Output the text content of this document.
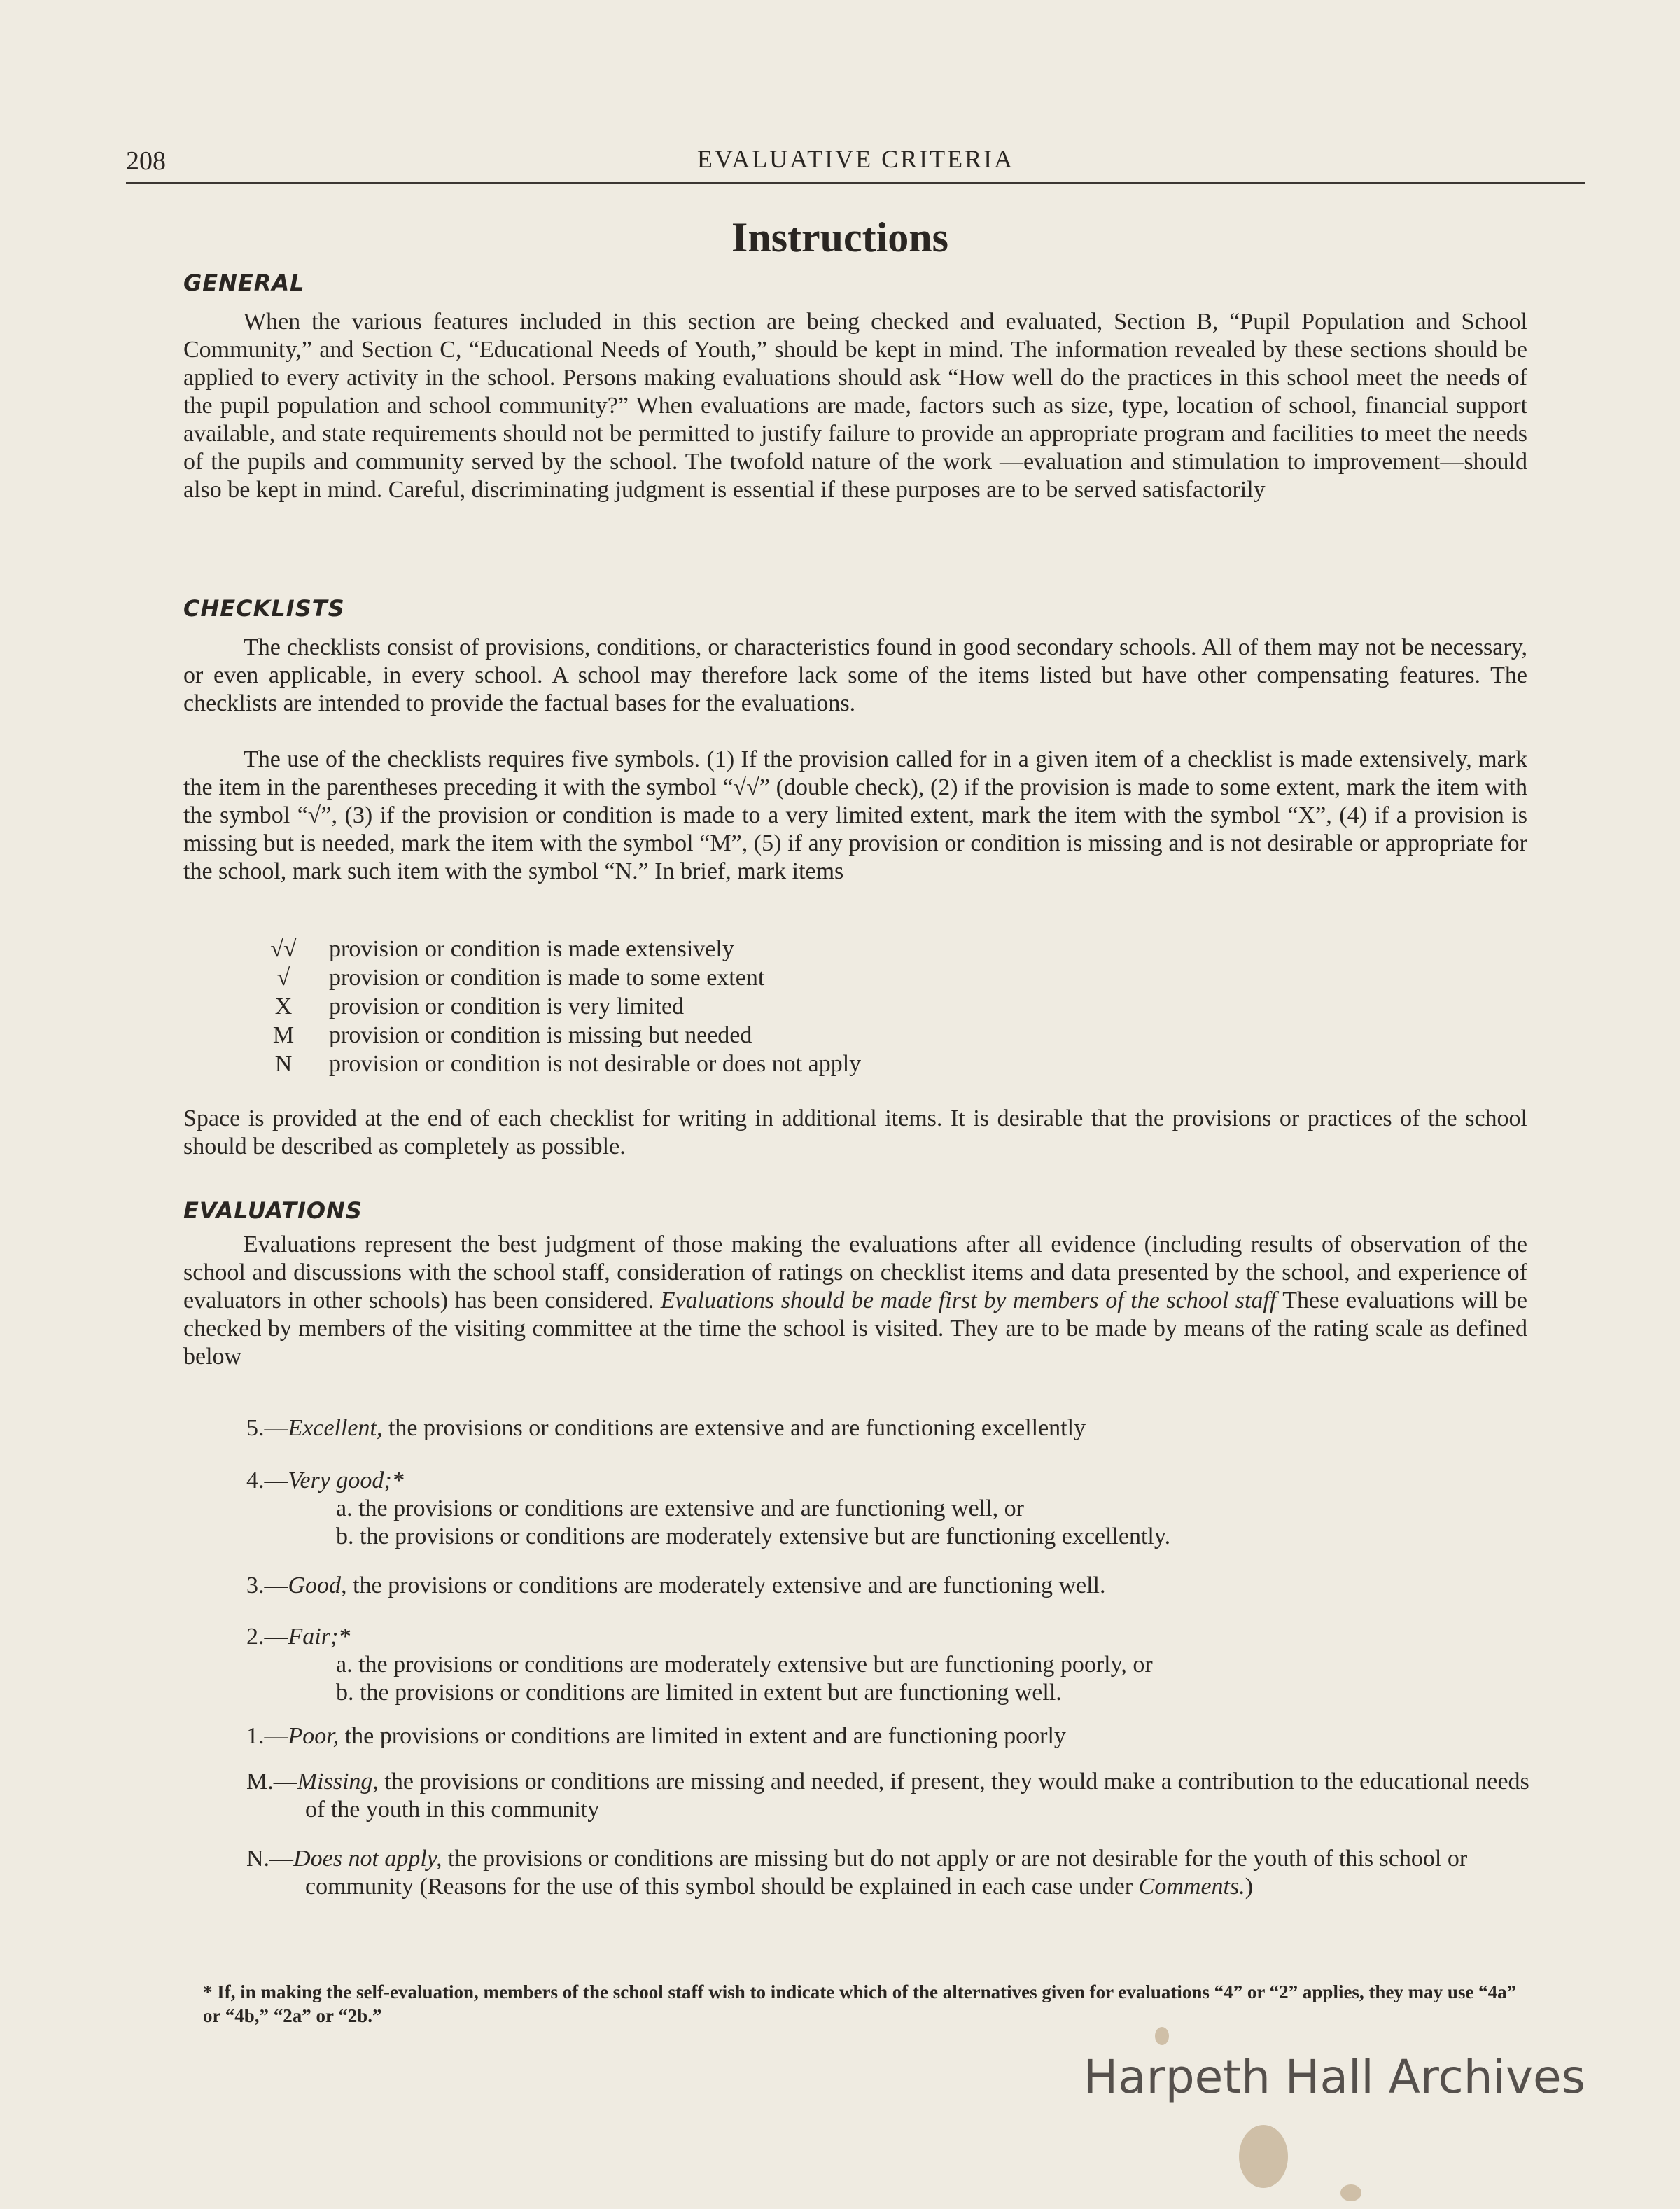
208	EVALUATIVE CRITERIA
Instructions
GENERAL
When the various features included in this section are being checked and evaluated, Section B, “Pupil Population and School Community,” and Section C, “Educational Needs of Youth,” should be kept in mind. The information revealed by these sections should be applied to every activity in the school. Persons making evaluations should ask “How well do the practices in this school meet the needs of the pupil population and school community?” When evaluations are made, factors such as size, type, location of school, financial support available, and state requirements should not be permitted to justify failure to provide an appropriate program and facilities to meet the needs of the pupils and community served by the school. The twofold nature of the work —evaluation and stimulation to improvement—should also be kept in mind. Careful, discriminating judgment is essential if these purposes are to be served satisfactorily
CHECKLISTS
The checklists consist of provisions, conditions, or characteristics found in good secondary schools. All of them may not be necessary, or even applicable, in every school. A school may therefore lack some of the items listed but have other compensating features. The checklists are intended to provide the factual bases for the evaluations.
The use of the checklists requires five symbols. (1) If the provision called for in a given item of a checklist is made extensively, mark the item in the parentheses preceding it with the symbol “√√” (double check), (2) if the provision is made to some extent, mark the item with the symbol “√”, (3) if the provision or condition is made to a very limited extent, mark the item with the symbol “X”, (4) if a provision is missing but is needed, mark the item with the symbol “M”, (5) if any provision or condition is missing and is not desirable or appropriate for the school, mark such item with the symbol “N.” In brief, mark items
√√	provision or condition is made extensively
√	provision or condition is made to some extent
X	provision or condition is very limited
M	provision or condition is missing but needed
N	provision or condition is not desirable or does not apply
Space is provided at the end of each checklist for writing in additional items. It is desirable that the provisions or practices of the school should be described as completely as possible.
EVALUATIONS
Evaluations represent the best judgment of those making the evaluations after all evidence (including results of observation of the school and discussions with the school staff, consideration of ratings on checklist items and data presented by the school, and experience of evaluators in other schools) has been considered. Evaluations should be made first by members of the school staff These evaluations will be checked by members of the visiting committee at the time the school is visited. They are to be made by means of the rating scale as defined below
5.—Excellent, the provisions or conditions are extensive and are functioning excellently
4.—Very good;*
a. the provisions or conditions are extensive and are functioning well, or
b. the provisions or conditions are moderately extensive but are functioning excellently.
3.—Good, the provisions or conditions are moderately extensive and are functioning well.
2.—Fair;*
a. the provisions or conditions are moderately extensive but are functioning poorly, or
b. the provisions or conditions are limited in extent but are functioning well.
1.—Poor, the provisions or conditions are limited in extent and are functioning poorly
M.—Missing, the provisions or conditions are missing and needed, if present, they would make a contribution to the educational needs of the youth in this community
N.—Does not apply, the provisions or conditions are missing but do not apply or are not desirable for the youth of this school or community (Reasons for the use of this symbol should be explained in each case under Comments.)
* If, in making the self-evaluation, members of the school staff wish to indicate which of the alternatives given for evaluations “4” or “2” applies, they may use “4a” or “4b,” “2a” or “2b.”
Harpeth Hall Archives
